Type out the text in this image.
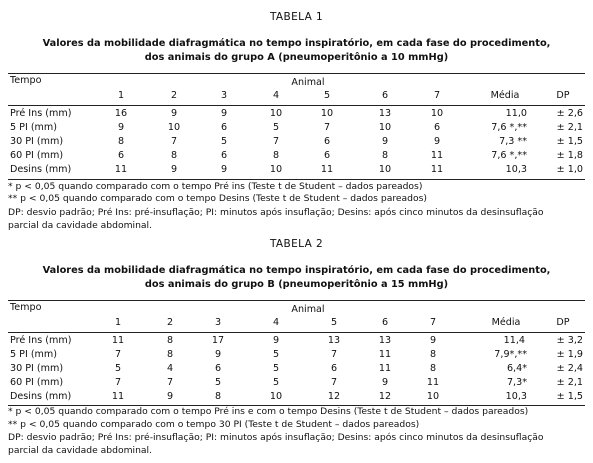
TABELA 1
Valores da mobilidade diafragmática no tempo inspiratório, em cada fase do procedimento,
dos animais do grupo A (pneumoperitônio a 10 mmHg)
Tempo	Animal
1	2	3	4	5	6	7	Média	DP
Pré Ins (mm)	16	9	9	10	10	13	10	11,0	± 2,6
5 PI (mm)	9	10	6	5	7	10	6	7,6 *,**	± 2,1
30 PI (mm)	8	7	5	7	6	9	9	7,3 **	± 1,5
60 PI (mm)	6	8	6	8	6	8	11	7,6 *,**	± 1,8
Desins (mm)	11	9	9	10	11	10	11	10,3	± 1,0
* p < 0,05 quando comparado com o tempo Pré ins (Teste t de Student – dados pareados)
** p < 0,05 quando comparado com o tempo Desins (Teste t de Student – dados pareados)
DP: desvio padrão; Pré Ins: pré-insuflação; PI: minutos após insuflação; Desins: após cinco minutos da desinsuflação
parcial da cavidade abdominal.
TABELA 2
Valores da mobilidade diafragmática no tempo inspiratório, em cada fase do procedimento,
dos animais do grupo B (pneumoperitônio a 15 mmHg)
Tempo	Animal
1	2	3	4	5	6	7	Média	DP
Pré Ins (mm)	11	8	17	9	13	13	9	11,4	± 3,2
5 PI (mm)	7	8	9	5	7	11	8	7,9*,**	± 1,9
30 PI (mm)	5	4	6	5	6	11	8	6,4*	± 2,4
60 PI (mm)	7	7	5	5	7	9	11	7,3*	± 2,1
Desins (mm)	11	9	8	10	12	12	10	10,3	± 1,5
* p < 0,05 quando comparado com o tempo Pré ins e com o tempo Desins (Teste t de Student – dados pareados)
** p < 0,05 quando comparado com o tempo 30 PI (Teste t de Student – dados pareados)
DP: desvio padrão; Pré Ins: pré-insuflação; PI: minutos após insuflação; Desins: após cinco minutos da desinsuflação
parcial da cavidade abdominal.
